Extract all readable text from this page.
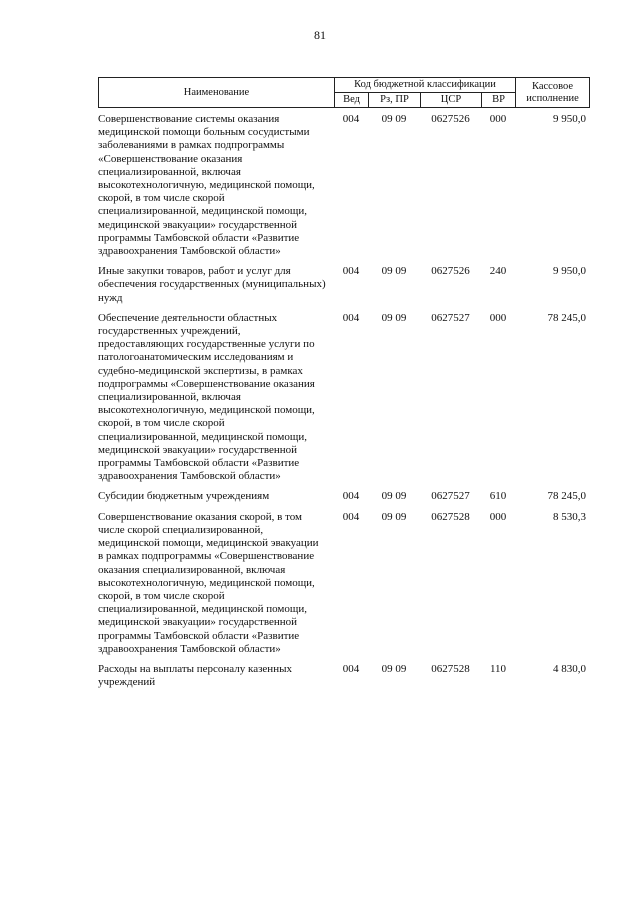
81
Наименование	Код бюджетной классификации				Кассовое исполнение
	Вед	Рз, ПР	ЦСР	ВР	
Совершенствование системы оказания медицинской помощи больным сосудистыми заболеваниями в рамках подпрограммы «Совершенствование оказания специализированной, включая высокотехнологичную, медицинской помощи, скорой, в том числе скорой специализированной, медицинской помощи, медицинской эвакуации» государственной программы Тамбовской области «Развитие здравоохранения Тамбовской области»	004	09 09	0627526	000	9 950,0
Иные закупки товаров, работ и услуг для обеспечения государственных (муниципальных) нужд	004	09 09	0627526	240	9 950,0
Обеспечение деятельности областных государственных учреждений, предоставляющих государственные услуги по патологоанатомическим исследованиям и судебно-медицинской экспертизы, в рамках подпрограммы «Совершенствование оказания специализированной, включая высокотехнологичную, медицинской помощи, скорой, в том числе скорой специализированной, медицинской помощи, медицинской эвакуации» государственной программы Тамбовской области «Развитие здравоохранения Тамбовской области»	004	09 09	0627527	000	78 245,0
Субсидии бюджетным учреждениям	004	09 09	0627527	610	78 245,0
Совершенствование оказания скорой, в том числе скорой специализированной, медицинской помощи, медицинской эвакуации в рамках подпрограммы «Совершенствование оказания специализированной, включая высокотехнологичную, медицинской помощи, скорой, в том числе скорой специализированной, медицинской помощи, медицинской эвакуации» государственной программы Тамбовской области «Развитие здравоохранения Тамбовской области»	004	09 09	0627528	000	8 530,3
Расходы на выплаты персоналу казенных учреждений	004	09 09	0627528	110	4 830,0
